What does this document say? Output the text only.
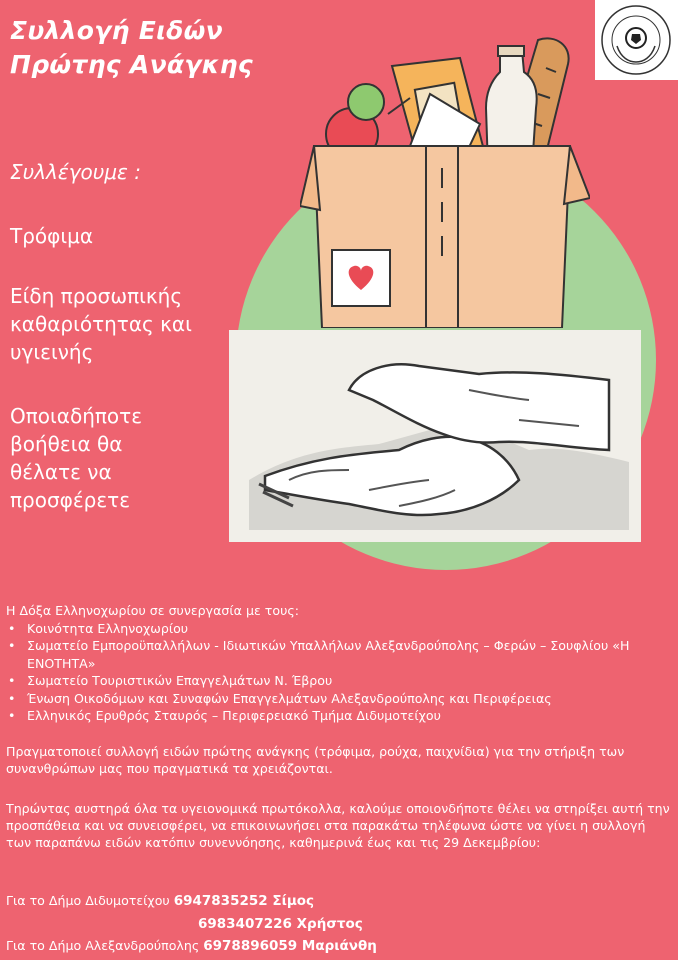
Συλλογή Ειδών
Πρώτης Ανάγκης
Συλλέγουμε :
Τρόφιμα
Είδη προσωπικής
καθαριότητας και
υγιεινής
Οποιαδήποτε
βοήθεια θα
θέλατε να
προσφέρετε
Η Δόξα Ελληνοχωρίου σε συνεργασία με τους:
• Κοινότητα Ελληνοχωρίου
• Σωματείο Εμποροϋπαλλήλων - Ιδιωτικών Υπαλλήλων Αλεξανδρούπολης – Φερών – Σουφλίου «Η ΕΝΟΤΗΤΑ»
• Σωματείο Τουριστικών Επαγγελμάτων Ν. Έβρου
• Ένωση Οικοδόμων και Συναφών Επαγγελμάτων Αλεξανδρούπολης και Περιφέρειας
• Ελληνικός Ερυθρός Σταυρός – Περιφερειακό Τμήμα Διδυμοτείχου
Πραγματοποιεί συλλογή ειδών πρώτης ανάγκης (τρόφιμα, ρούχα, παιχνίδια) για την στήριξη των συνανθρώπων μας που πραγματικά τα χρειάζονται.
Τηρώντας αυστηρά όλα τα υγειονομικά πρωτόκολλα, καλούμε οποιονδήποτε θέλει να στηρίξει αυτή την προσπάθεια και να συνεισφέρει, να επικοινωνήσει στα παρακάτω τηλέφωνα ώστε να γίνει η συλλογή των παραπάνω ειδών κατόπιν συνεννόησης, καθημερινά έως και τις 29 Δεκεμβρίου:
Για το Δήμο Διδυμοτείχου 6947835252 Σίμος
6983407226 Χρήστος
Για το Δήμο Αλεξανδρούπολης 6978896059 Μαριάνθη
